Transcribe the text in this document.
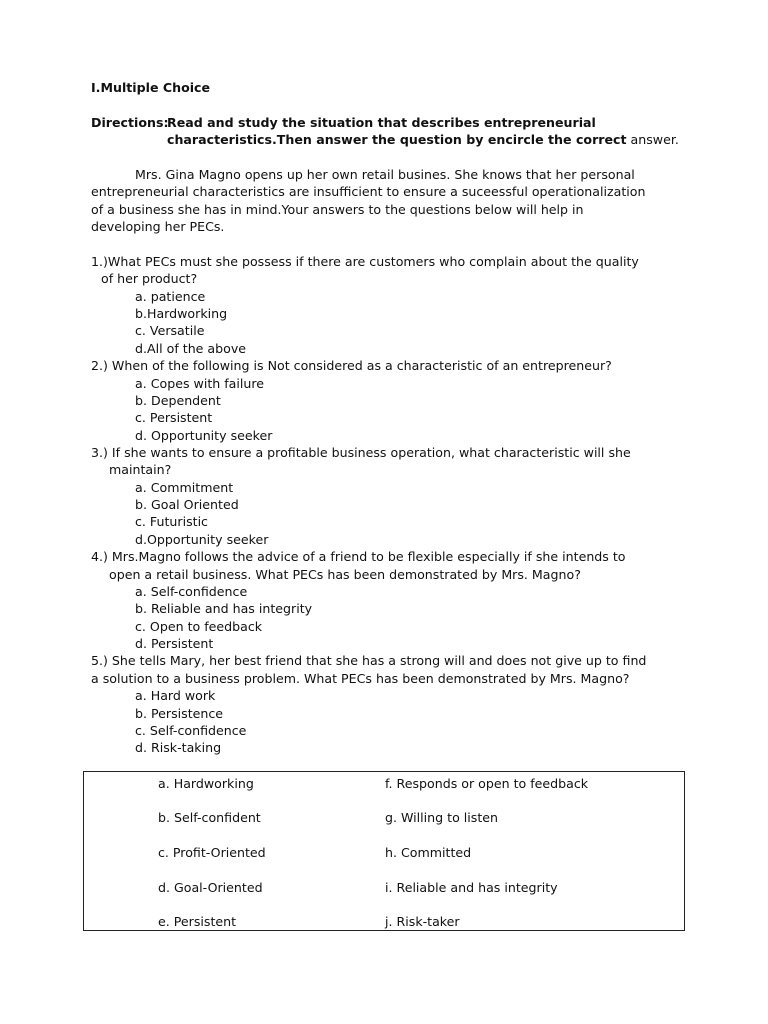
I.Multiple Choice
Directions:
Read and study the situation that describes entrepreneurial
characteristics.Then answer the question by encircle the correct answer.
Mrs. Gina Magno opens up her own retail busines. She knows that her personal
entrepreneurial characteristics are insufficient to ensure a suceessful operationalization
of a business she has in mind.Your answers to the questions below will help in
developing her PECs.
1.)What PECs must she possess if there are customers who complain about the quality
of her product?
a. patience
b.Hardworking
c. Versatile
d.All of the above
2.) When of the following is Not considered as a characteristic of an entrepreneur?
a. Copes with failure
b. Dependent
c. Persistent
d. Opportunity seeker
3.) If she wants to ensure a profitable business operation, what characteristic will she
maintain?
a. Commitment
b. Goal Oriented
c. Futuristic
d.Opportunity seeker
4.) Mrs.Magno follows the advice of a friend to be flexible especially if she intends to
open a retail business. What PECs has been demonstrated by Mrs. Magno?
a. Self-confidence
b. Reliable and has integrity
c. Open to feedback
d. Persistent
5.) She tells Mary, her best friend that she has a strong will and does not give up to find
a solution to a business problem. What PECs has been demonstrated by Mrs. Magno?
a. Hard work
b. Persistence
c. Self-confidence
d. Risk-taking
a. Hardworking
b. Self-confident
c. Profit-Oriented
d. Goal-Oriented
e. Persistent
f. Responds or open to feedback
g. Willing to listen
h. Committed
i. Reliable and has integrity
j. Risk-taker
